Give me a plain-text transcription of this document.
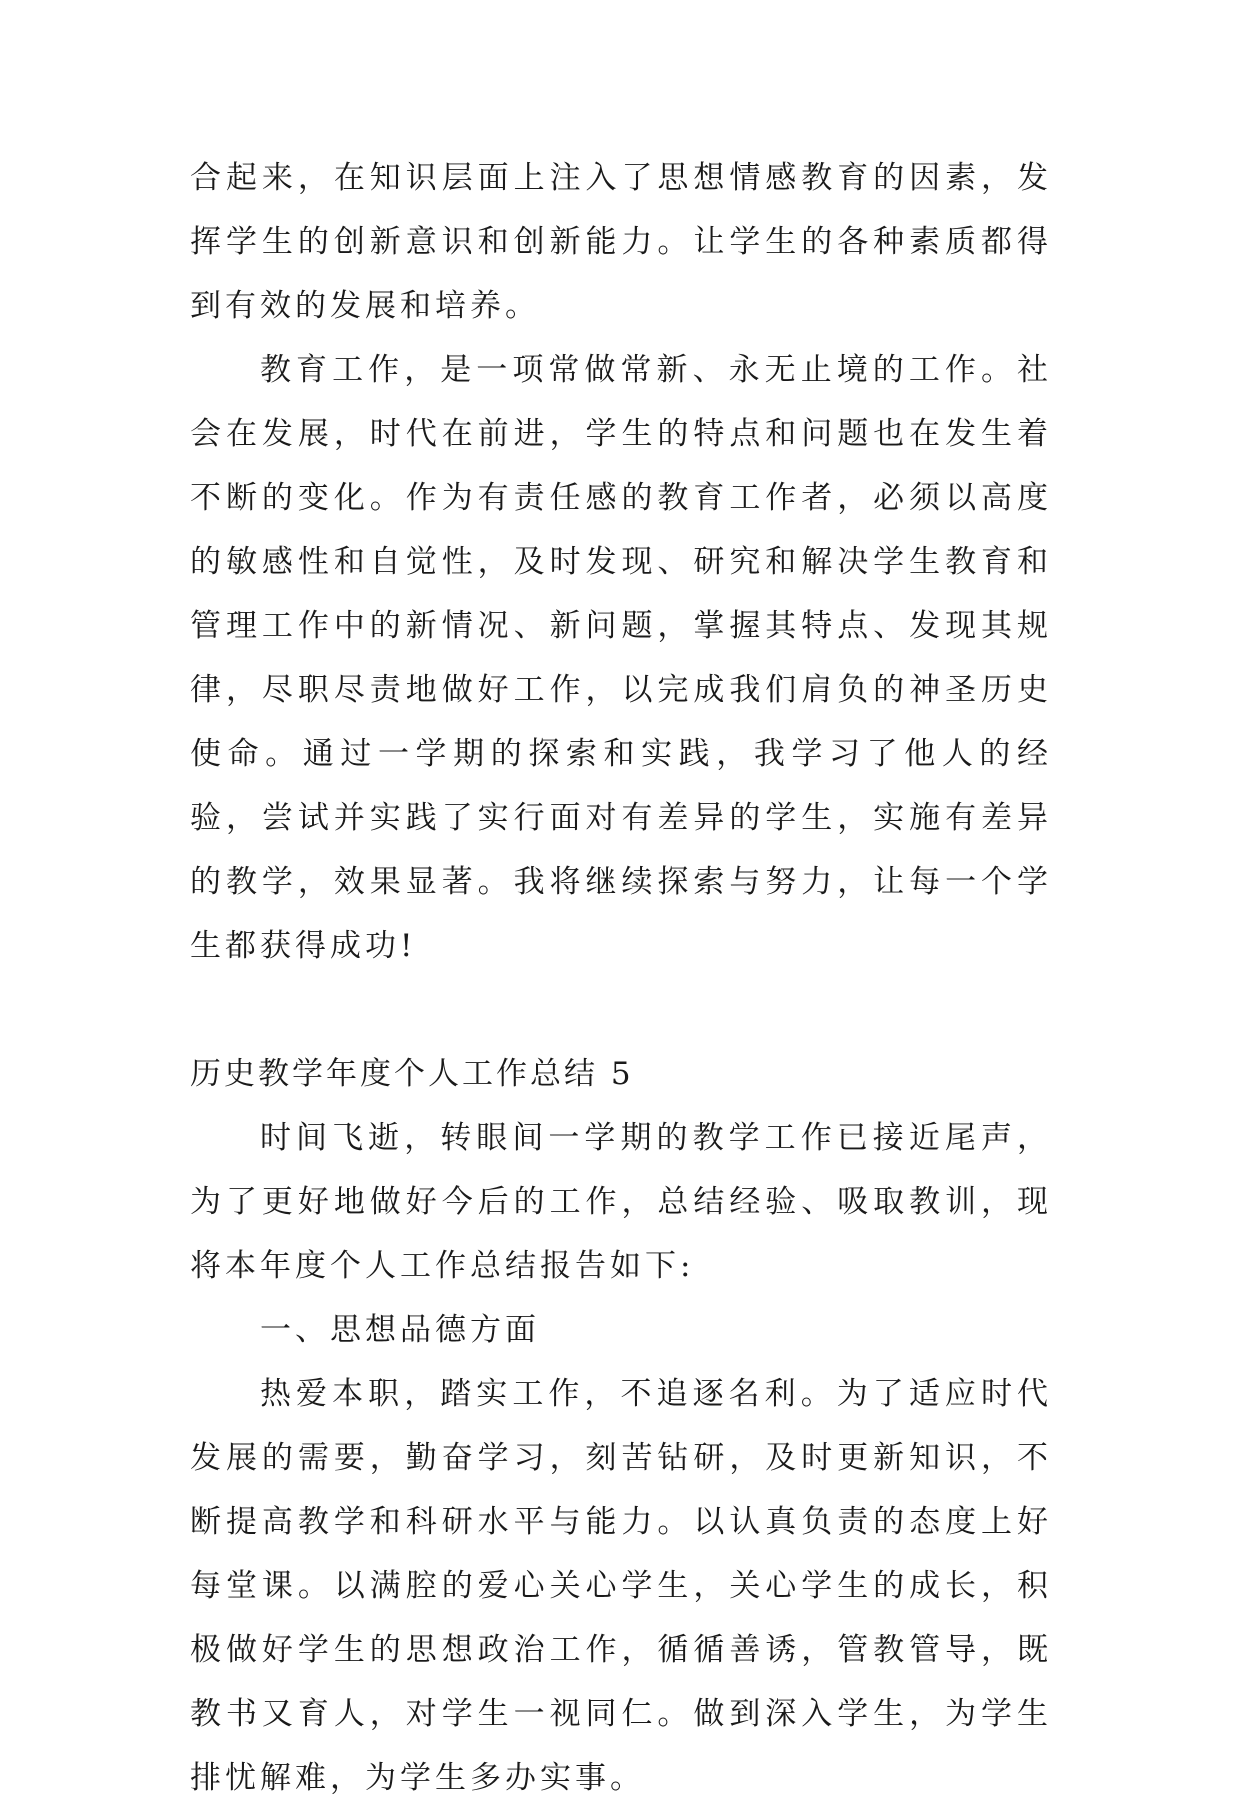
合起来，在知识层面上注入了思想情感教育的因素，发挥学生的创新意识和创新能力。让学生的各种素质都得到有效的发展和培养。

教育工作，是一项常做常新、永无止境的工作。社会在发展，时代在前进，学生的特点和问题也在发生着不断的变化。作为有责任感的教育工作者，必须以高度的敏感性和自觉性，及时发现、研究和解决学生教育和管理工作中的新情况、新问题，掌握其特点、发现其规律，尽职尽责地做好工作，以完成我们肩负的神圣历史使命。通过一学期的探索和实践，我学习了他人的经验，尝试并实践了实行面对有差异的学生，实施有差异的教学，效果显著。我将继续探索与努力，让每一个学生都获得成功!

历史教学年度个人工作总结 5

时间飞逝，转眼间一学期的教学工作已接近尾声，为了更好地做好今后的工作，总结经验、吸取教训，现将本年度个人工作总结报告如下:

一、思想品德方面

热爱本职，踏实工作，不追逐名利。为了适应时代发展的需要，勤奋学习，刻苦钻研，及时更新知识，不断提高教学和科研水平与能力。以认真负责的态度上好每堂课。以满腔的爱心关心学生，关心学生的成长，积极做好学生的思想政治工作，循循善诱，管教管导，既教书又育人，对学生一视同仁。做到深入学生，为学生排忧解难，为学生多办实事。
